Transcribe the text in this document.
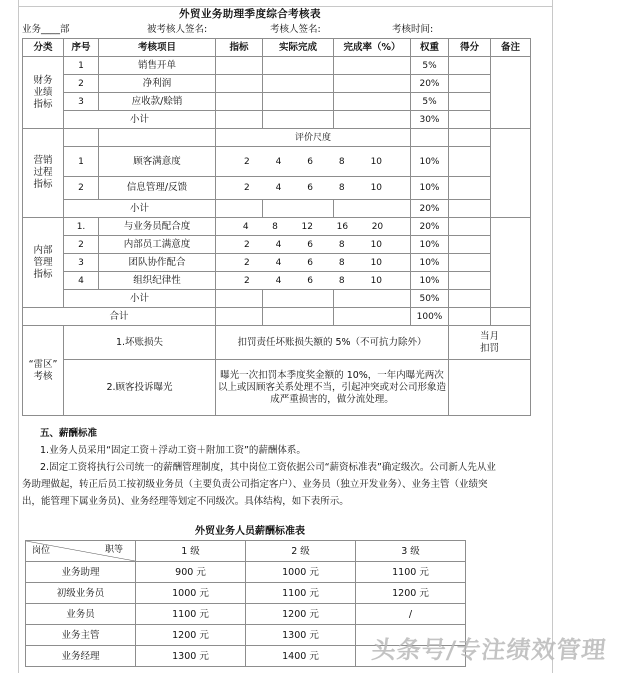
外贸业务助理季度综合考核表
业务____部	被考核人签名:	考核人签名:	考核时间:
分类	序号	考核项目	指标	实际完成	完成率（%）	权重	得分	备注
财务
业绩
指标	1	销售开单				5%		
	2	净利润				20%		
	3	应收款/赊销				5%		
	小计					30%		
营销
过程
指标			评价尺度					
	1	顾客满意度	2 4 6 8 10			10%		
	2	信息管理/反馈	2 4 6 8 10			10%		
	小计					20%		
内部
管理
指标	1.	与业务员配合度	4 8 12 16 20			20%		
	2	内部员工满意度	2 4 6 8 10			10%		
	3	团队协作配合	2 4 6 8 10			10%		
	4	组织纪律性	2 4 6 8 10			10%		
	小计					50%		
合计						100%		
“雷区”
考核	1.坏账损失		扣罚责任坏账损失额的 5%（不可抗力除外）				当月
扣罚	
	2.顾客投诉曝光		曝光一次扣罚本季度奖金额的 10%，一年内曝光两次以上或因顾客关系处理不当，引起冲突或对公司形象造成严重损害的，做分流处理。					

五、薪酬标准

1.业务人员采用“固定工资＋浮动工资＋附加工资”的薪酬体系。

2.固定工资将执行公司统一的薪酬管理制度，其中岗位工资依据公司“薪资标准表”确定级次。公司新人先从业务助理做起，转正后员工按初级业务员（主要负责公司指定客户）、业务员（独立开发业务）、业务主管（业绩突出，能管理下属业务员)、业务经理等划定不同级次。具体结构，如下表所示。

外贸业务人员薪酬标准表
职等
岗位	1 级	2 级	3 级
业务助理	900 元	1000 元	1100 元
初级业务员	1000 元	1100 元	1200 元
业务员	1100 元	1200 元	/
业务主管	1200 元	1300 元	
业务经理	1300 元	1400 元	头条号/专注绩效管理
